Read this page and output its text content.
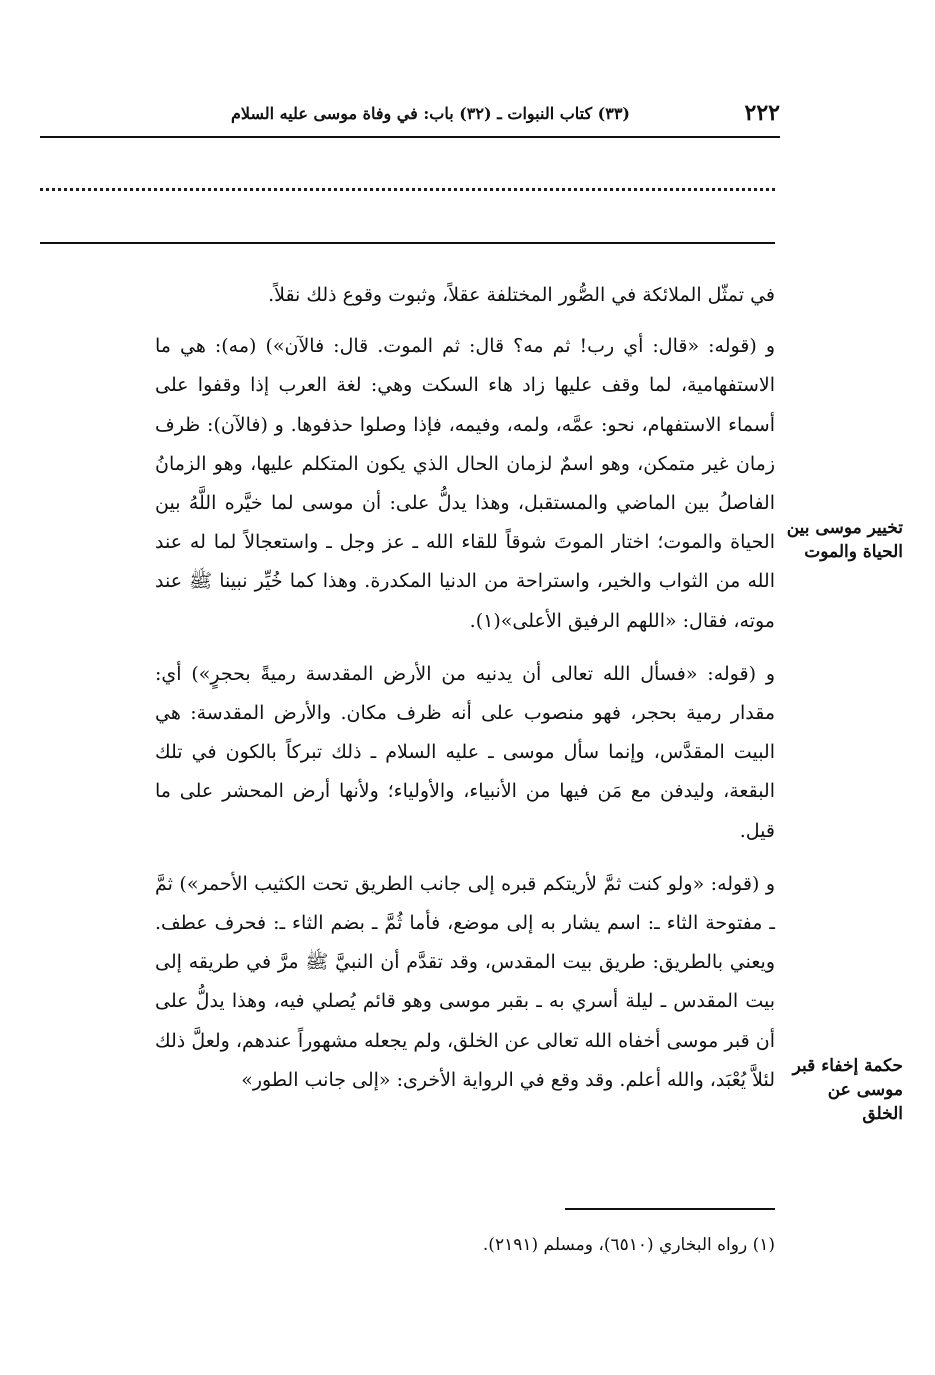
٢٢٢
(٣٣) كتاب النبوات ـ (٣٢) باب: في وفاة موسى عليه السلام

في تمثّل الملائكة في الصُّور المختلفة عقلاً، وثبوت وقوع ذلك نقلاً.

و (قوله: «قال: أي رب! ثم مه؟ قال: ثم الموت. قال: فالآن») (مه): هي ما الاستفهامية، لما وقف عليها زاد هاء السكت وهي: لغة العرب إذا وقفوا على أسماء الاستفهام، نحو: عمَّه، ولمه، وفيمه، فإذا وصلوا حذفوها. و (فالآن): ظرف زمان غير متمكن، وهو اسمٌ لزمان الحال الذي يكون المتكلم عليها، وهو الزمانُ الفاصلُ بين الماضي والمستقبل، وهذا يدلُّ على: أن موسى لما خيَّره اللَّهُ بين الحياة والموت؛ اختار الموتَ شوقاً للقاء الله ـ عز وجل ـ واستعجالاً لما له عند الله من الثواب والخير، واستراحة من الدنيا المكدرة. وهذا كما خُيِّر نبينا ﷺ عند موته، فقال: «اللهم الرفيق الأعلى»(١).

و (قوله: «فسأل الله تعالى أن يدنيه من الأرض المقدسة رميةً بحجرٍ») أي: مقدار رمية بحجر، فهو منصوب على أنه ظرف مكان. والأرض المقدسة: هي البيت المقدَّس، وإنما سأل موسى ـ عليه السلام ـ ذلك تبركاً بالكون في تلك البقعة، وليدفن مع مَن فيها من الأنبياء، والأولياء؛ ولأنها أرض المحشر على ما قيل.

و (قوله: «ولو كنت ثمَّ لأريتكم قبره إلى جانب الطريق تحت الكثيب الأحمر») ثمَّ ـ مفتوحة الثاء ـ: اسم يشار به إلى موضع، فأما ثُمَّ ـ بضم الثاء ـ: فحرف عطف. ويعني بالطريق: طريق بيت المقدس، وقد تقدَّم أن النبيَّ ﷺ مرَّ في طريقه إلى بيت المقدس ـ ليلة أسري به ـ بقبر موسى وهو قائم يُصلي فيه، وهذا يدلُّ على أن قبر موسى أخفاه الله تعالى عن الخلق، ولم يجعله مشهوراً عندهم، ولعلَّ ذلك لئلاَّ يُعْبَد، والله أعلم. وقد وقع في الرواية الأخرى: «إلى جانب الطور»

تخيير موسى بين الحياة والموت
حكمة إخفاء قبر موسى عن الخلق
(١) رواه البخاري (٦٥١٠)، ومسلم (٢١٩١).
